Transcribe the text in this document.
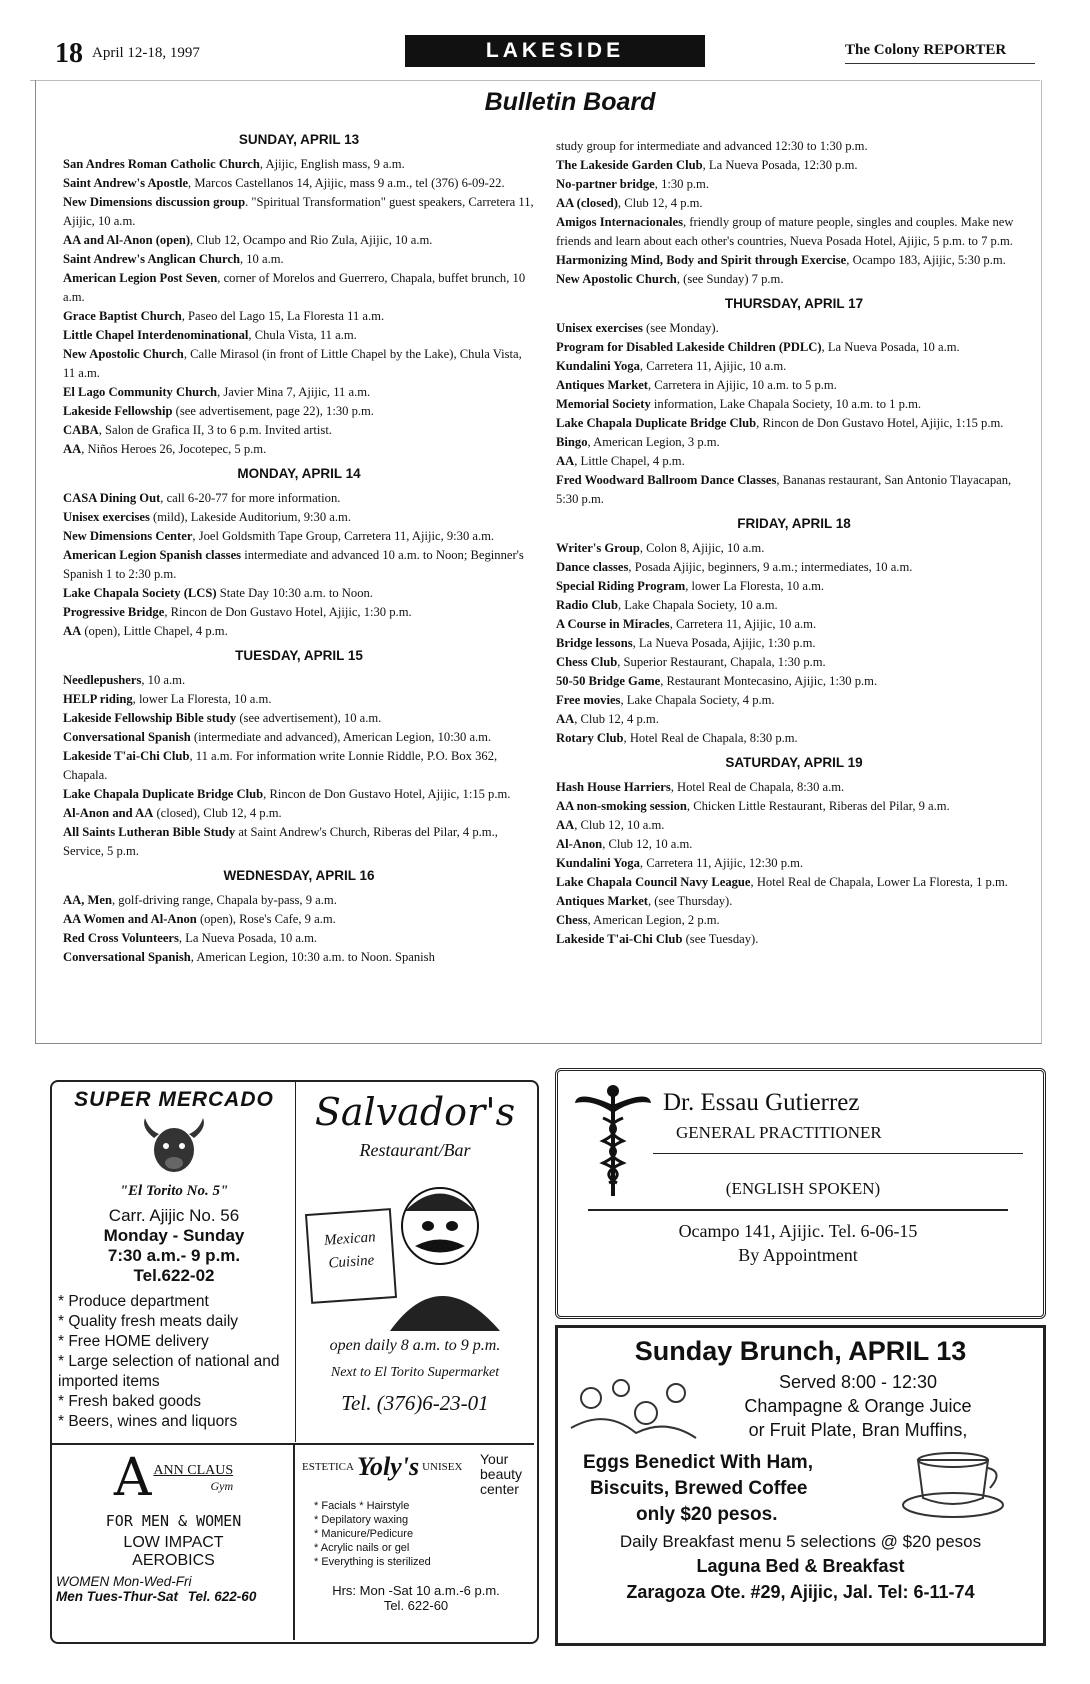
18 April 12-18, 1997	LAKESIDE	The Colony REPORTER
Bulletin Board
SUNDAY, APRIL 13
San Andres Roman Catholic Church, Ajijic, English mass, 9 a.m.
Saint Andrew's Apostle, Marcos Castellanos 14, Ajijic, mass 9 a.m., tel (376) 6-09-22.
New Dimensions discussion group. "Spiritual Transformation" guest speakers, Carretera 11, Ajijic, 10 a.m.
AA and Al-Anon (open), Club 12, Ocampo and Rio Zula, Ajijic, 10 a.m.
Saint Andrew's Anglican Church, 10 a.m.
American Legion Post Seven, corner of Morelos and Guerrero, Chapala, buffet brunch, 10 a.m.
Grace Baptist Church, Paseo del Lago 15, La Floresta 11 a.m.
Little Chapel Interdenominational, Chula Vista, 11 a.m.
New Apostolic Church, Calle Mirasol (in front of Little Chapel by the Lake), Chula Vista, 11 a.m.
El Lago Community Church, Javier Mina 7, Ajijic, 11 a.m.
Lakeside Fellowship (see advertisement, page 22), 1:30 p.m.
CABA, Salon de Grafica II, 3 to 6 p.m. Invited artist.
AA, Niños Heroes 26, Jocotepec, 5 p.m.
MONDAY, APRIL 14
CASA Dining Out, call 6-20-77 for more information.
Unisex exercises (mild), Lakeside Auditorium, 9:30 a.m.
New Dimensions Center, Joel Goldsmith Tape Group, Carretera 11, Ajijic, 9:30 a.m.
American Legion Spanish classes intermediate and advanced 10 a.m. to Noon; Beginner's Spanish 1 to 2:30 p.m.
Lake Chapala Society (LCS) State Day 10:30 a.m. to Noon.
Progressive Bridge, Rincon de Don Gustavo Hotel, Ajijic, 1:30 p.m.
AA (open), Little Chapel, 4 p.m.
TUESDAY, APRIL 15
Needlepushers, 10 a.m.
HELP riding, lower La Floresta, 10 a.m.
Lakeside Fellowship Bible study (see advertisement), 10 a.m.
Conversational Spanish (intermediate and advanced), American Legion, 10:30 a.m.
Lakeside T'ai-Chi Club, 11 a.m. For information write Lonnie Riddle, P.O. Box 362, Chapala.
Lake Chapala Duplicate Bridge Club, Rincon de Don Gustavo Hotel, Ajijic, 1:15 p.m.
Al-Anon and AA (closed), Club 12, 4 p.m.
All Saints Lutheran Bible Study at Saint Andrew's Church, Riberas del Pilar, 4 p.m., Service, 5 p.m.
WEDNESDAY, APRIL 16
AA, Men, golf-driving range, Chapala by-pass, 9 a.m.
AA Women and Al-Anon (open), Rose's Cafe, 9 a.m.
Red Cross Volunteers, La Nueva Posada, 10 a.m.
Conversational Spanish, American Legion, 10:30 a.m. to Noon. Spanish
study group for intermediate and advanced 12:30 to 1:30 p.m.
The Lakeside Garden Club, La Nueva Posada, 12:30 p.m.
No-partner bridge, 1:30 p.m.
AA (closed), Club 12, 4 p.m.
Amigos Internacionales, friendly group of mature people, singles and couples. Make new friends and learn about each other's countries, Nueva Posada Hotel, Ajijic, 5 p.m. to 7 p.m.
Harmonizing Mind, Body and Spirit through Exercise, Ocampo 183, Ajijic, 5:30 p.m.
New Apostolic Church, (see Sunday) 7 p.m.
THURSDAY, APRIL 17
Unisex exercises (see Monday).
Program for Disabled Lakeside Children (PDLC), La Nueva Posada, 10 a.m.
Kundalini Yoga, Carretera 11, Ajijic, 10 a.m.
Antiques Market, Carretera in Ajijic, 10 a.m. to 5 p.m.
Memorial Society information, Lake Chapala Society, 10 a.m. to 1 p.m.
Lake Chapala Duplicate Bridge Club, Rincon de Don Gustavo Hotel, Ajijic, 1:15 p.m.
Bingo, American Legion, 3 p.m.
AA, Little Chapel, 4 p.m.
Fred Woodward Ballroom Dance Classes, Bananas restaurant, San Antonio Tlayacapan, 5:30 p.m.
FRIDAY, APRIL 18
Writer's Group, Colon 8, Ajijic, 10 a.m.
Dance classes, Posada Ajijic, beginners, 9 a.m.; intermediates, 10 a.m.
Special Riding Program, lower La Floresta, 10 a.m.
Radio Club, Lake Chapala Society, 10 a.m.
A Course in Miracles, Carretera 11, Ajijic, 10 a.m.
Bridge lessons, La Nueva Posada, Ajijic, 1:30 p.m.
Chess Club, Superior Restaurant, Chapala, 1:30 p.m.
50-50 Bridge Game, Restaurant Montecasino, Ajijic, 1:30 p.m.
Free movies, Lake Chapala Society, 4 p.m.
AA, Club 12, 4 p.m.
Rotary Club, Hotel Real de Chapala, 8:30 p.m.
SATURDAY, APRIL 19
Hash House Harriers, Hotel Real de Chapala, 8:30 a.m.
AA non-smoking session, Chicken Little Restaurant, Riberas del Pilar, 9 a.m.
AA, Club 12, 10 a.m.
Al-Anon, Club 12, 10 a.m.
Kundalini Yoga, Carretera 11, Ajijic, 12:30 p.m.
Lake Chapala Council Navy League, Hotel Real de Chapala, Lower La Floresta, 1 p.m.
Antiques Market, (see Thursday).
Chess, American Legion, 2 p.m.
Lakeside T'ai-Chi Club (see Tuesday).
SUPER MERCADO
"El Torito No. 5"
Carr. Ajijic No. 56
Monday - Sunday
7:30 a.m.- 9 p.m.
Tel.622-02
* Produce department
* Quality fresh meats daily
* Free HOME delivery
* Large selection of national and imported items
* Fresh baked goods
* Beers, wines and liquors
Salvador's
Restaurant/Bar
Mexican
Cuisine
open daily 8 a.m. to 9 p.m.
Next to El Torito Supermarket
Tel. (376)6-23-01
A ANN CLAUS
Gym
FOR MEN & WOMEN
LOW IMPACT
AEROBICS
WOMEN Mon-Wed-Fri
Men Tues-Thur-Sat Tel. 622-60
ESTETICA Yoly's UNISEX Your
beauty
center
* Facials * Hairstyle
* Depilatory waxing
* Manicure/Pedicure
* Acrylic nails or gel
* Everything is sterilized
Hrs: Mon -Sat 10 a.m.-6 p.m.
Tel. 622-60
Dr. Essau Gutierrez
GENERAL PRACTITIONER
(ENGLISH SPOKEN)
Ocampo 141, Ajijic. Tel. 6-06-15
By Appointment
Sunday Brunch, APRIL 13
Served 8:00 - 12:30
Champagne & Orange Juice
or Fruit Plate, Bran Muffins,
Eggs Benedict With Ham,
Biscuits, Brewed Coffee
only $20 pesos.
Daily Breakfast menu 5 selections @ $20 pesos
Laguna Bed & Breakfast
Zaragoza Ote. #29, Ajijic, Jal. Tel: 6-11-74
